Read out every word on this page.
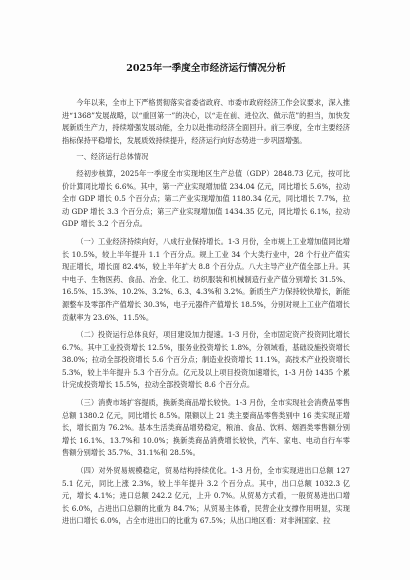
2025年一季度全市经济运行情况分析

今年以来，全市上下严格贯彻落实省委省政府、市委市政府经济工作会议要求，深入推进“1368”发展战略，以“重回第一”的决心，以“走在前、进位次、做示范”的担当，加快发展新质生产力，持续增强发展动能，全力以赴推动经济全面回升。前三季度，全市主要经济指标保持平稳增长，发展质效持续提升，经济运行向好态势进一步巩固增强。

一、经济运行总体情况

经初步核算，2025年一季度全市实现地区生产总值（GDP）2848.73 亿元，按可比价计算同比增长 6.6%。其中，第一产业实现增加值 234.04 亿元，同比增长 5.6%，拉动全市 GDP 增长 0.5 个百分点；第二产业实现增加值 1180.34 亿元，同比增长 7.7%，拉动 GDP 增长 3.3 个百分点；第三产业实现增加值 1434.35 亿元，同比增长 6.1%，拉动 GDP 增长 3.2 个百分点。

（一）工业经济持续向好，八成行业保持增长。1-3 月份，全市规上工业增加值同比增长 10.5%，较上半年提升 1.1 个百分点。规上工业 34 个大类行业中，28 个行业产值实现正增长，增长面 82.4%，较上半年扩大 8.8 个百分点。八大主导产业产值全部上升。其中电子、生物医药、食品、冶金、化工、纺织服装和机械制造行业产值分别增长 31.5%、16.5%、15.3%、10.2%、3.2%、6.3、4.3%和 3.2%。新质生产力保持较快增长，新能源整车及零部件产值增长 30.3%，电子元器件产值增长 18.5%，分别对规上工业产值增长贡献率为 23.6%、11.5%。

（二）投资运行总体良好，项目建设加力提速。1-3 月份，全市固定资产投资同比增长 6.7%。其中工业投资增长 12.5%，服务业投资增长 1.8%，分领域看，基础设施投资增长 38.0%；拉动全部投资增长 5.6 个百分点；制造业投资增长 11.1%，高技术产业投资增长 5.3%，较上半年提升 5.3 个百分点。亿元及以上项目投资加速增长，1-3 月份 1435 个累计完成投资增长 15.5%，拉动全部投资增长 8.6 个百分点。

（三）消费市场扩容提质，换新类商品增长较快。1-3 月份，全市实现社会消费品零售总额 1380.2 亿元，同比增长 8.5%。限额以上 21 类主要商品零售类别中 16 类实现正增长，增长面为 76.2%。基本生活类商品增势稳定，粮油、食品、饮料、烟酒类零售额分别增长 16.1%、13.7%和 10.0%；换新类商品消费增长较快，汽车、家电、电动自行车零售额分别增长 35.7%、31.1%和 28.5%。

（四）对外贸易规模稳定，贸易结构持续优化。1-3 月份，全市实现进出口总额 1275.1 亿元，同比上涨 2.3%，较上半年提升 3.2 个百分点。其中，出口总额 1032.3 亿元，增长 4.1%；进口总额 242.2 亿元，上升 0.7%。从贸易方式看，一般贸易进出口增长 6.0%，占进出口总额的比重为 84.7%；从贸易主体看，民营企业支撑作用明显，实现进出口增长 6.0%，占全市进出口的比重为 67.5%；从出口地区看：对非洲国家、拉
